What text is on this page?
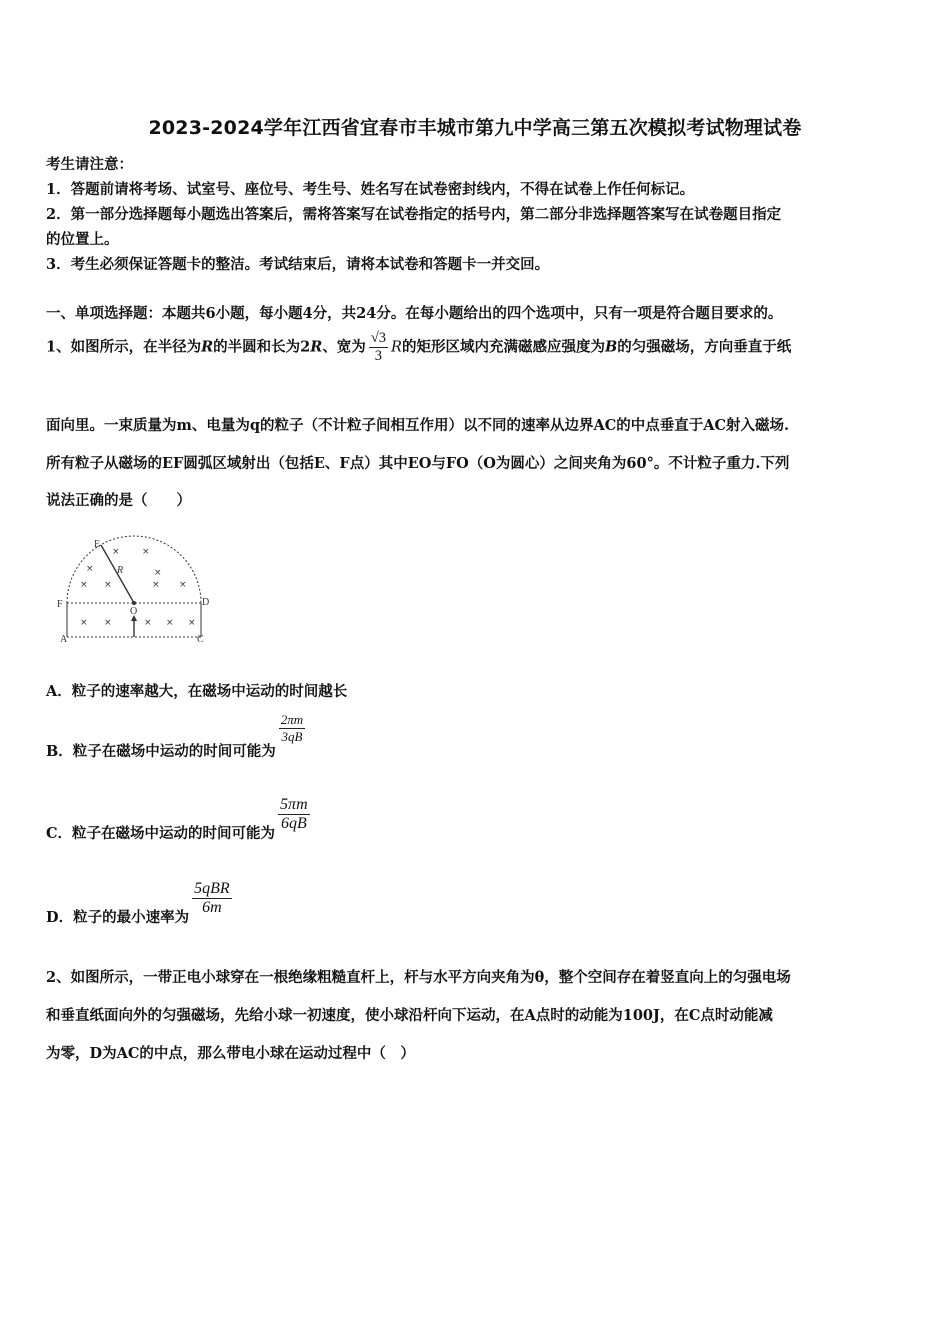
2023-2024学年江西省宜春市丰城市第九中学高三第五次模拟考试物理试卷
考生请注意：
1．答题前请将考场、试室号、座位号、考生号、姓名写在试卷密封线内，不得在试卷上作任何标记。
2．第一部分选择题每小题选出答案后，需将答案写在试卷指定的括号内，第二部分非选择题答案写在试卷题目指定
的位置上。
3．考生必须保证答题卡的整洁。考试结束后，请将本试卷和答题卡一并交回。
一、单项选择题：本题共6小题，每小题4分，共24分。在每小题给出的四个选项中，只有一项是符合题目要求的。
1、如图所示，在半径为R的半圆和长为2R、宽为 $\frac{√3}{3}$ R的矩形区域内充满磁感应强度为B的匀强磁场，方向垂直于纸
面向里。一束质量为m、电量为q的粒子（不计粒子间相互作用）以不同的速率从边界AC的中点垂直于AC射入磁场.
所有粒子从磁场的EF圆弧区域射出（包括E、F点）其中EO与FO（O为圆心）之间夹角为60°。不计粒子重力.下列
说法正确的是（　　）
E
R
F	D
O
A	C
× ×
×	×
× ×	× ×
× ×	× × ×
A．粒子的速率越大，在磁场中运动的时间越长
B．粒子在磁场中运动的时间可能为
$\frac{2\pi m}{3qB}$
C．粒子在磁场中运动的时间可能为
$\frac{5\pi m}{6qB}$
D．粒子的最小速率为
$\frac{\text{5qBR}}{6m}$
2、如图所示，一带正电小球穿在一根绝缘粗糙直杆上，杆与水平方向夹角为θ，整个空间存在着竖直向上的匀强电场
和垂直纸面向外的匀强磁场，先给小球一初速度，使小球沿杆向下运动，在A点时的动能为100J，在C点时动能减
为零，D为AC的中点，那么带电小球在运动过程中（　）
